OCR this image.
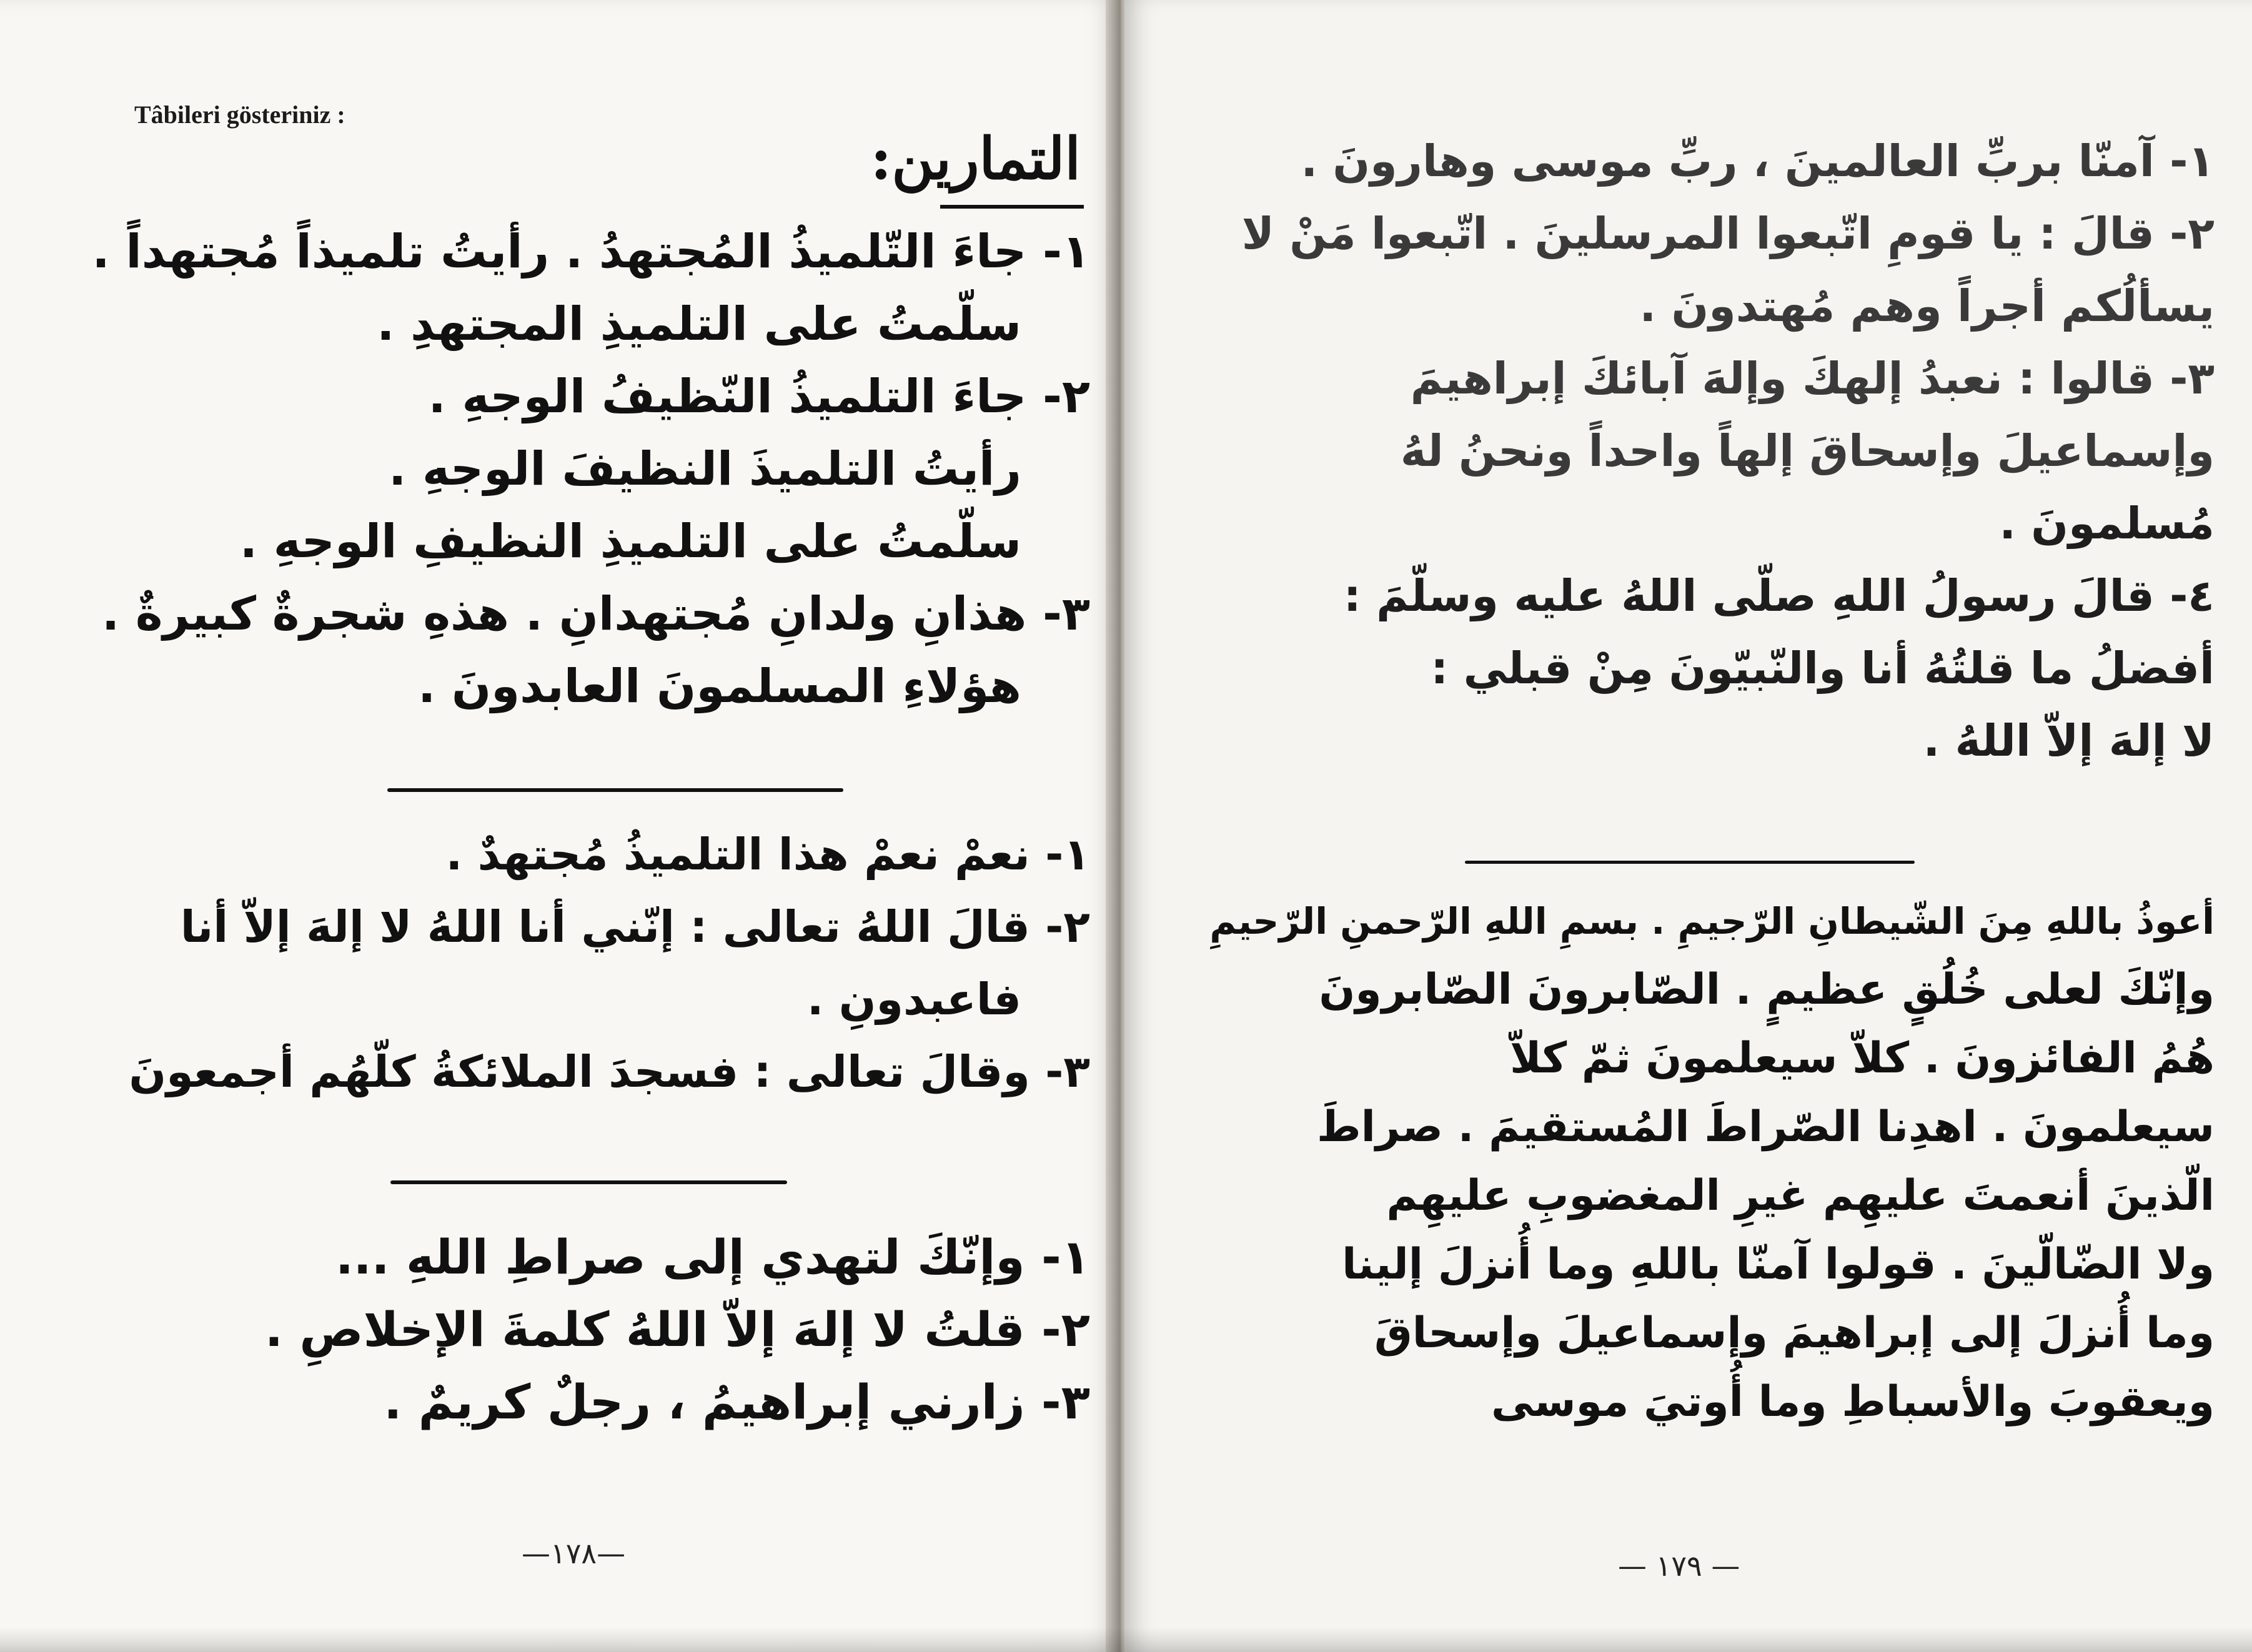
Tâbileri gösteriniz :
التمارين:

١- جاءَ التّلميذُ المُجتهدُ . رأيتُ تلميذاً مُجتهداً .

سلّمتُ على التلميذِ المجتهدِ .

٢- جاءَ التلميذُ النّظيفُ الوجهِ .

رأيتُ التلميذَ النظيفَ الوجهِ .

سلّمتُ على التلميذِ النظيفِ الوجهِ .

٣- هذانِ ولدانِ مُجتهدانِ . هذهِ شجرةٌ كبيرةٌ .

هؤلاءِ المسلمونَ العابدونَ .

١- نعمْ نعمْ هذا التلميذُ مُجتهدٌ .

٢- قالَ اللهُ تعالى : إنّني أنا اللهُ لا إلهَ إلاّ أنا

فاعبدونِ .

٣- وقالَ تعالى : فسجدَ الملائكةُ كلّهُم أجمعونَ

١- وإنّكَ لتهدي إلى صراطِ اللهِ ...

٢- قلتُ لا إلهَ إلاّ اللهُ كلمةَ الإخلاصِ .

٣- زارني إبراهيمُ ، رجلٌ كريمٌ .

—١٧٨—

١- آمنّا بربِّ العالمينَ ، ربِّ موسى وهارونَ .

٢- قالَ : يا قومِ اتّبعوا المرسلينَ . اتّبعوا مَنْ لا

يسألُكم أجراً وهم مُهتدونَ .

٣- قالوا : نعبدُ إلهكَ وإلهَ آبائكَ إبراهيمَ

وإسماعيلَ وإسحاقَ إلهاً واحداً ونحنُ لهُ

مُسلمونَ .

٤- قالَ رسولُ اللهِ صلّى اللهُ عليه وسلّمَ :

أفضلُ ما قلتُهُ أنا والنّبيّونَ مِنْ قبلي :

لا إلهَ إلاّ اللهُ .

أعوذُ باللهِ مِنَ الشّيطانِ الرّجيمِ . بسمِ اللهِ الرّحمنِ الرّحيمِ

وإنّكَ لعلى خُلُقٍ عظيمٍ . الصّابرونَ الصّابرونَ

هُمُ الفائزونَ . كلاّ سيعلمونَ ثمّ كلاّ

سيعلمونَ . اهدِنا الصّراطَ المُستقيمَ . صراطَ

الّذينَ أنعمتَ عليهِم غيرِ المغضوبِ عليهِم

ولا الضّالّينَ . قولوا آمنّا باللهِ وما أُنزلَ إلينا

وما أُنزلَ إلى إبراهيمَ وإسماعيلَ وإسحاقَ

ويعقوبَ والأسباطِ وما أُوتيَ موسى

— ١٧٩ —
